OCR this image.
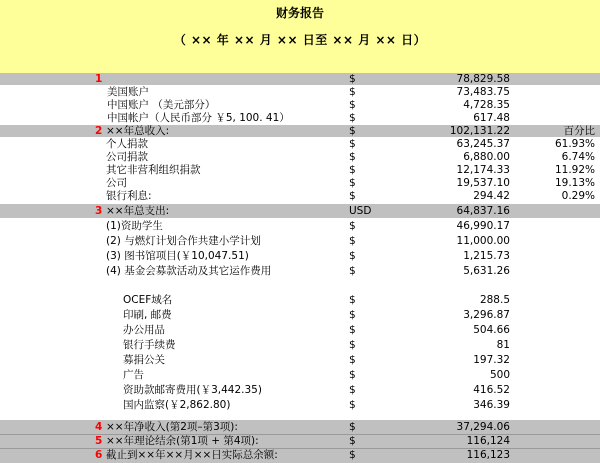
财务报告
（ ×× 年 ×× 月 ×× 日至 ×× 月 ×× 日）
1	$	78,829.58
美国账户	$	73,483.75
中国账户 （美元部分）	$	4,728.35
中国帐户（人民币部分 ￥5, 100. 41）	$	617.48
2 ××年总收入:	$	102,131.22	百分比
个人捐款	$	63,245.37	61.93%
公司捐款	$	6,880.00	6.74%
其它非营利组织捐款	$	12,174.33	11.92%
公司	$	19,537.10	19.13%
银行利息:	$	294.42	0.29%
3 ××年总支出:	USD	64,837.16
(1)资助学生	$	46,990.17
(2) 与燃灯计划合作共建小学计划	$	11,000.00
(3) 图书馆项目(￥10,047.51)	$	1,215.73
(4) 基金会募款活动及其它运作费用	$	5,631.26
OCEF域名	$	288.5
印刷, 邮费	$	3,296.87
办公用品	$	504.66
银行手续费	$	81
募捐公关	$	197.32
广告	$	500
资助款邮寄费用(￥3,442.35)	$	416.52
国内监察(￥2,862.80)	$	346.39
4 ××年净收入(第2项–第3项):	$	37,294.06
5 ××年理论结余(第1项 + 第4项):	$	116,124
6 截止到××年××月××日实际总余额:	$	116,123
